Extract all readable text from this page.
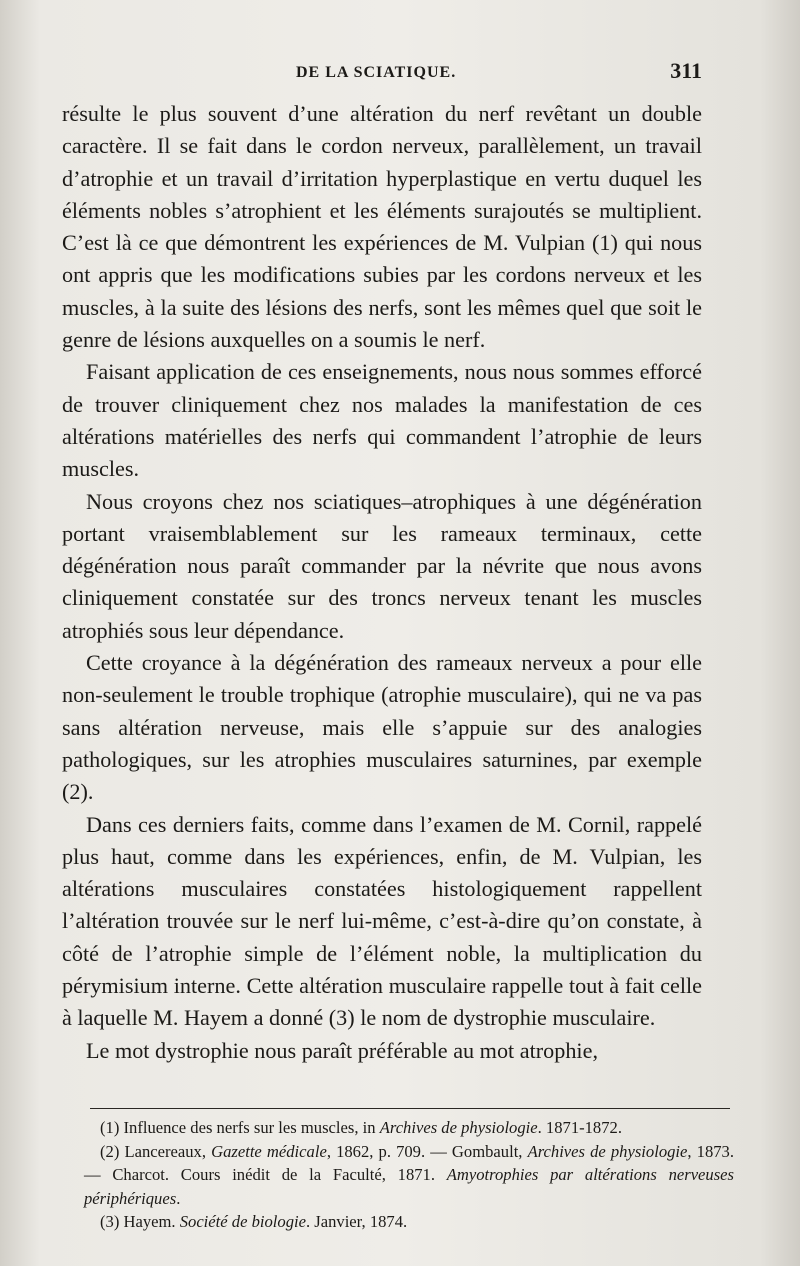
DE LA SCIATIQUE.	311

résulte le plus souvent d’une altération du nerf revêtant un double caractère. Il se fait dans le cordon nerveux, parallèlement, un travail d’atrophie et un travail d’irritation hyperplastique en vertu duquel les éléments nobles s’atrophient et les éléments surajoutés se multiplient. C’est là ce que démontrent les expériences de M. Vulpian (1) qui nous ont appris que les modifications subies par les cordons nerveux et les muscles, à la suite des lésions des nerfs, sont les mêmes quel que soit le genre de lésions auxquelles on a soumis le nerf.

Faisant application de ces enseignements, nous nous sommes efforcé de trouver cliniquement chez nos malades la manifestation de ces altérations matérielles des nerfs qui commandent l’atrophie de leurs muscles.

Nous croyons chez nos sciatiques–atrophiques à une dégénération portant vraisemblablement sur les rameaux terminaux, cette dégénération nous paraît commander par la névrite que nous avons cliniquement constatée sur des troncs nerveux tenant les muscles atrophiés sous leur dépendance.

Cette croyance à la dégénération des rameaux nerveux a pour elle non-seulement le trouble trophique (atrophie musculaire), qui ne va pas sans altération nerveuse, mais elle s’appuie sur des analogies pathologiques, sur les atrophies musculaires saturnines, par exemple (2).

Dans ces derniers faits, comme dans l’examen de M. Cornil, rappelé plus haut, comme dans les expériences, enfin, de M. Vulpian, les altérations musculaires constatées histologiquement rappellent l’altération trouvée sur le nerf lui-même, c’est-à-dire qu’on constate, à côté de l’atrophie simple de l’élément noble, la multiplication du pérymisium interne. Cette altération musculaire rappelle tout à fait celle à laquelle M. Hayem a donné (3) le nom de dystrophie musculaire.

Le mot dystrophie nous paraît préférable au mot atrophie,

(1) Influence des nerfs sur les muscles, in Archives de physiologie. 1871-1872.

(2) Lancereaux, Gazette médicale, 1862, p. 709. — Gombault, Archives de physiologie, 1873. — Charcot. Cours inédit de la Faculté, 1871. Amyotrophies par altérations nerveuses périphériques.

(3) Hayem. Société de biologie. Janvier, 1874.
